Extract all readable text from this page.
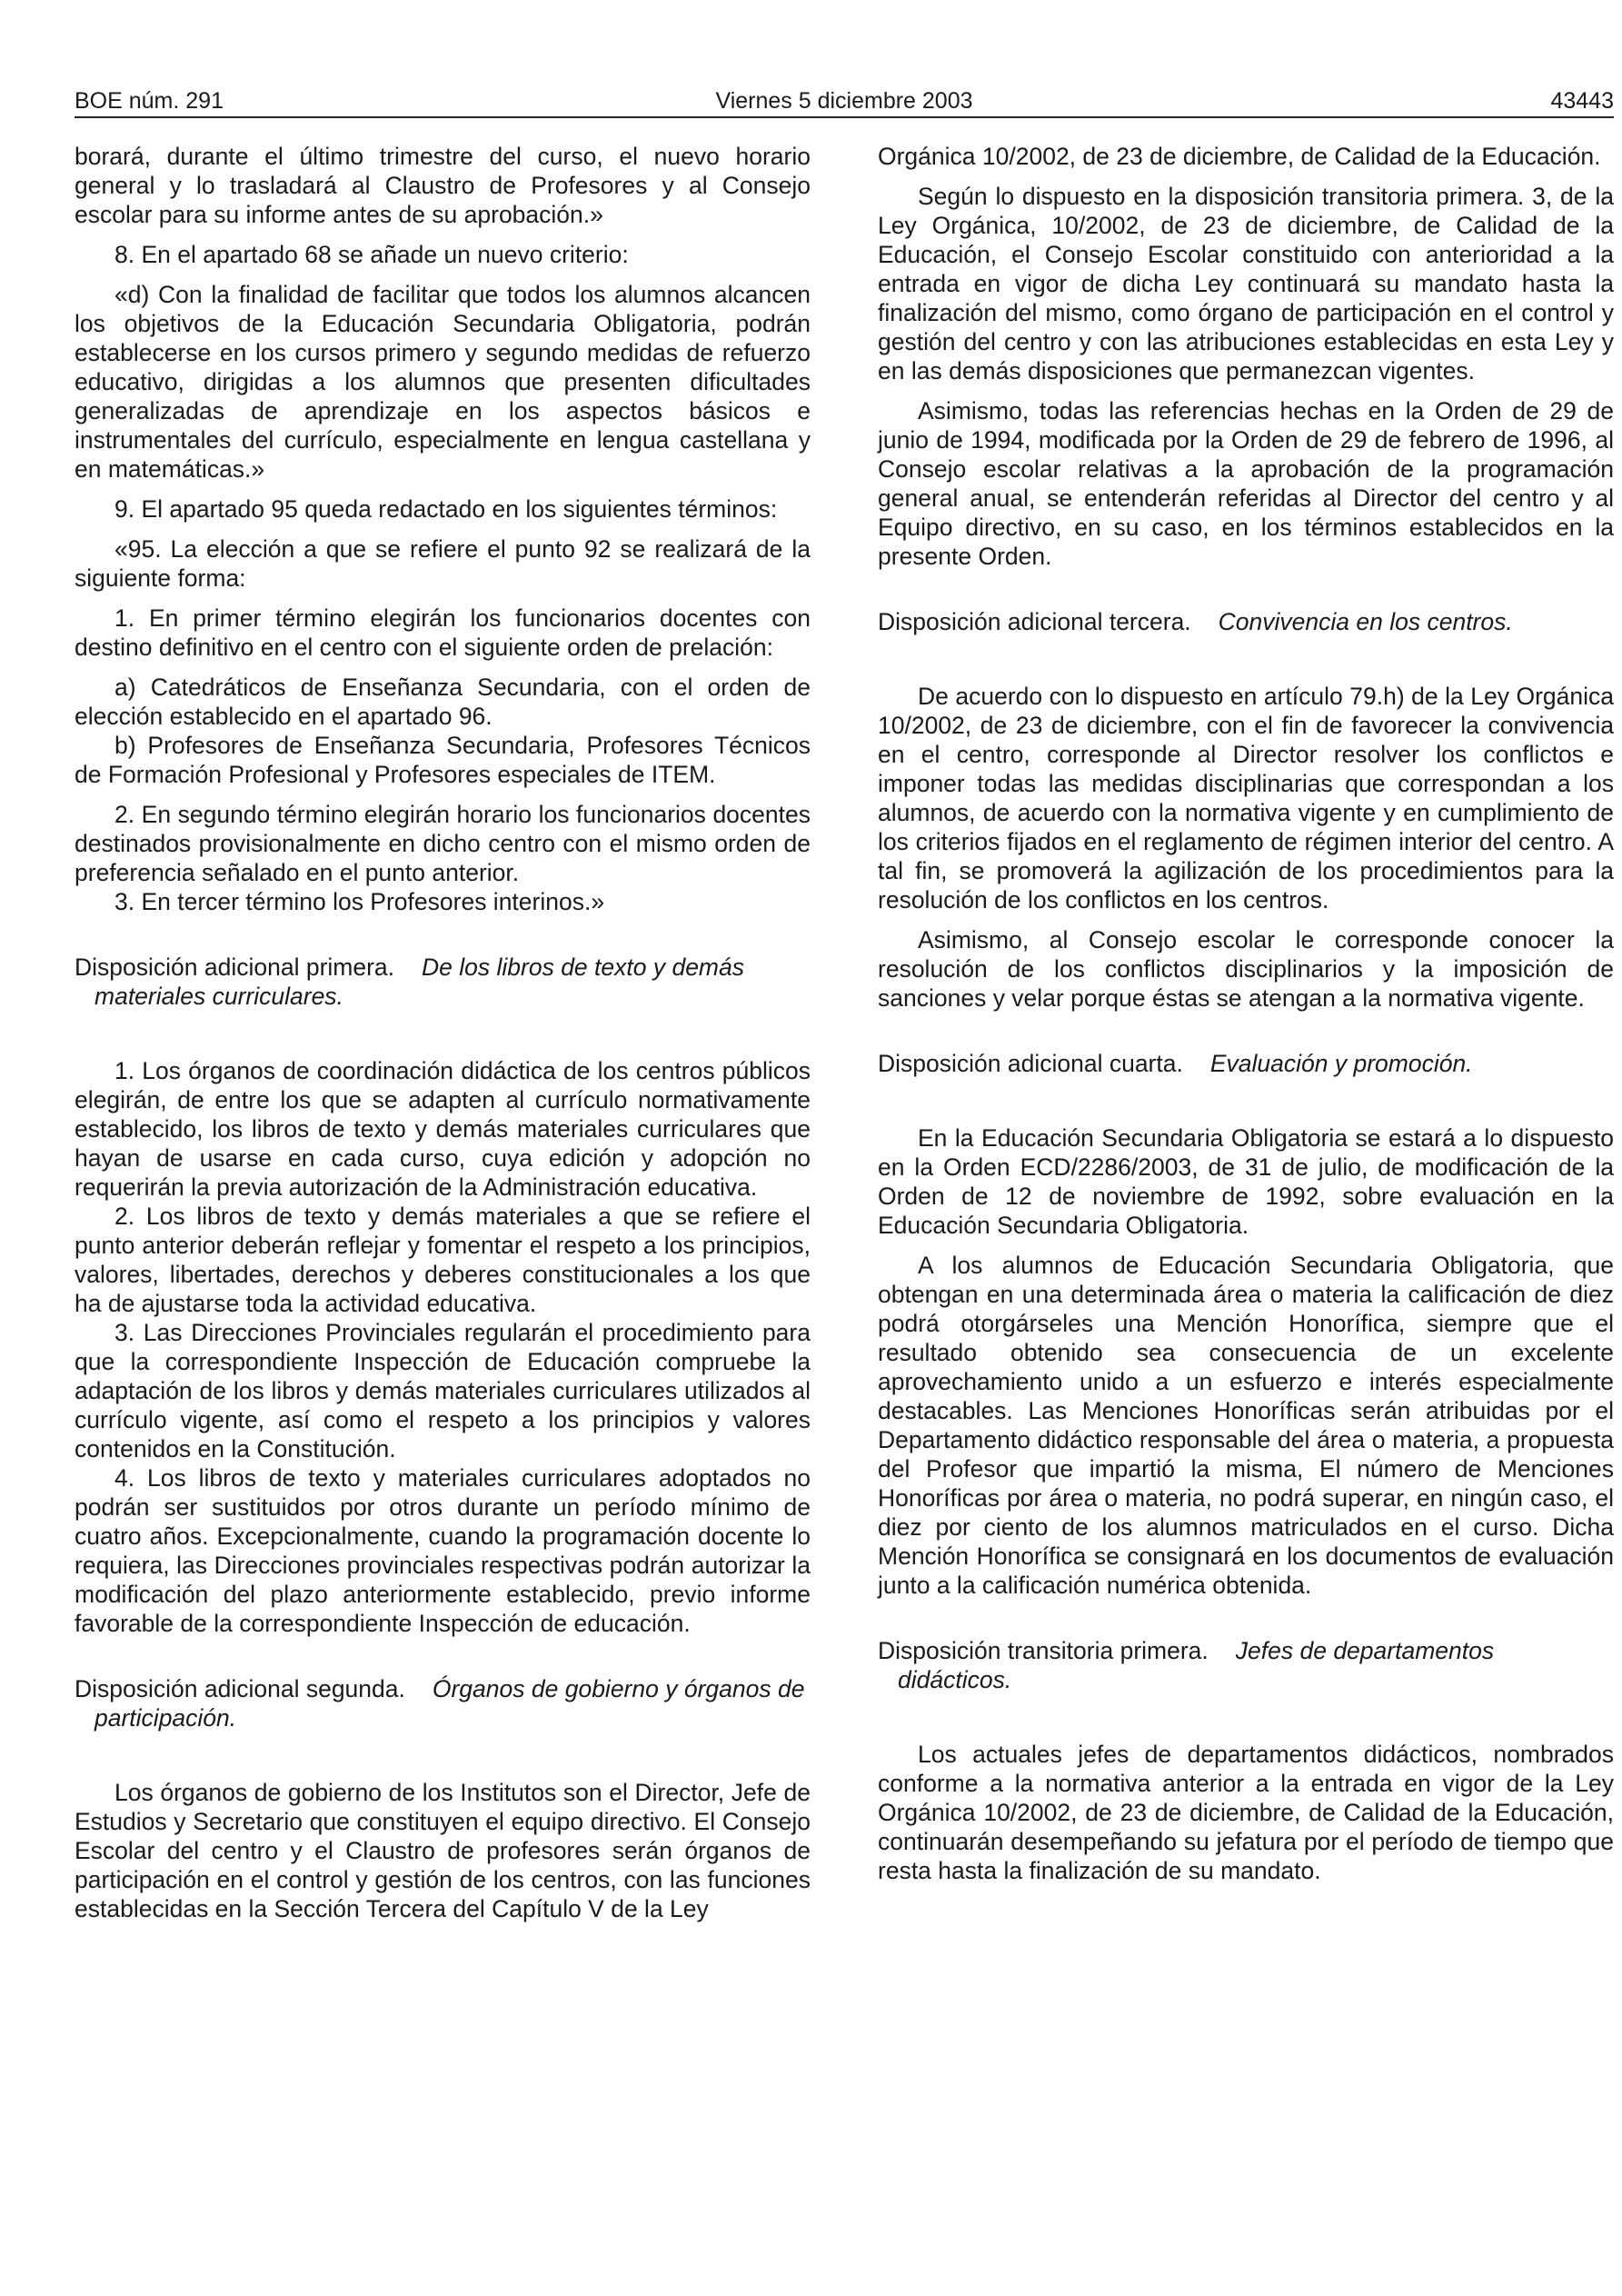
BOE núm. 291	Viernes 5 diciembre 2003	43443

borará, durante el último trimestre del curso, el nuevo horario general y lo trasladará al Claustro de Profesores y al Consejo escolar para su informe antes de su aprobación.»

8. En el apartado 68 se añade un nuevo criterio:

«d) Con la finalidad de facilitar que todos los alumnos alcancen los objetivos de la Educación Secundaria Obligatoria, podrán establecerse en los cursos primero y segundo medidas de refuerzo educativo, dirigidas a los alumnos que presenten dificultades generalizadas de aprendizaje en los aspectos básicos e instrumentales del currículo, especialmente en lengua castellana y en matemáticas.»

9. El apartado 95 queda redactado en los siguientes términos:

«95. La elección a que se refiere el punto 92 se realizará de la siguiente forma:

1. En primer término elegirán los funcionarios docentes con destino definitivo en el centro con el siguiente orden de prelación:

a) Catedráticos de Enseñanza Secundaria, con el orden de elección establecido en el apartado 96.

b) Profesores de Enseñanza Secundaria, Profesores Técnicos de Formación Profesional y Profesores especiales de ITEM.

2. En segundo término elegirán horario los funcionarios docentes destinados provisionalmente en dicho centro con el mismo orden de preferencia señalado en el punto anterior.

3. En tercer término los Profesores interinos.»

Disposición adicional primera. De los libros de texto y demás materiales curriculares.

1. Los órganos de coordinación didáctica de los centros públicos elegirán, de entre los que se adapten al currículo normativamente establecido, los libros de texto y demás materiales curriculares que hayan de usarse en cada curso, cuya edición y adopción no requerirán la previa autorización de la Administración educativa.

2. Los libros de texto y demás materiales a que se refiere el punto anterior deberán reflejar y fomentar el respeto a los principios, valores, libertades, derechos y deberes constitucionales a los que ha de ajustarse toda la actividad educativa.

3. Las Direcciones Provinciales regularán el procedimiento para que la correspondiente Inspección de Educación compruebe la adaptación de los libros y demás materiales curriculares utilizados al currículo vigente, así como el respeto a los principios y valores contenidos en la Constitución.

4. Los libros de texto y materiales curriculares adoptados no podrán ser sustituidos por otros durante un período mínimo de cuatro años. Excepcionalmente, cuando la programación docente lo requiera, las Direcciones provinciales respectivas podrán autorizar la modificación del plazo anteriormente establecido, previo informe favorable de la correspondiente Inspección de educación.

Disposición adicional segunda. Órganos de gobierno y órganos de participación.

Los órganos de gobierno de los Institutos son el Director, Jefe de Estudios y Secretario que constituyen el equipo directivo. El Consejo Escolar del centro y el Claustro de profesores serán órganos de participación en el control y gestión de los centros, con las funciones establecidas en la Sección Tercera del Capítulo V de la Ley

Orgánica 10/2002, de 23 de diciembre, de Calidad de la Educación.

Según lo dispuesto en la disposición transitoria primera. 3, de la Ley Orgánica, 10/2002, de 23 de diciembre, de Calidad de la Educación, el Consejo Escolar constituido con anterioridad a la entrada en vigor de dicha Ley continuará su mandato hasta la finalización del mismo, como órgano de participación en el control y gestión del centro y con las atribuciones establecidas en esta Ley y en las demás disposiciones que permanezcan vigentes.

Asimismo, todas las referencias hechas en la Orden de 29 de junio de 1994, modificada por la Orden de 29 de febrero de 1996, al Consejo escolar relativas a la aprobación de la programación general anual, se entenderán referidas al Director del centro y al Equipo directivo, en su caso, en los términos establecidos en la presente Orden.

Disposición adicional tercera. Convivencia en los centros.

De acuerdo con lo dispuesto en artículo 79.h) de la Ley Orgánica 10/2002, de 23 de diciembre, con el fin de favorecer la convivencia en el centro, corresponde al Director resolver los conflictos e imponer todas las medidas disciplinarias que correspondan a los alumnos, de acuerdo con la normativa vigente y en cumplimiento de los criterios fijados en el reglamento de régimen interior del centro. A tal fin, se promoverá la agilización de los procedimientos para la resolución de los conflictos en los centros.

Asimismo, al Consejo escolar le corresponde conocer la resolución de los conflictos disciplinarios y la imposición de sanciones y velar porque éstas se atengan a la normativa vigente.

Disposición adicional cuarta. Evaluación y promoción.

En la Educación Secundaria Obligatoria se estará a lo dispuesto en la Orden ECD/2286/2003, de 31 de julio, de modificación de la Orden de 12 de noviembre de 1992, sobre evaluación en la Educación Secundaria Obligatoria.

A los alumnos de Educación Secundaria Obligatoria, que obtengan en una determinada área o materia la calificación de diez podrá otorgárseles una Mención Honorífica, siempre que el resultado obtenido sea consecuencia de un excelente aprovechamiento unido a un esfuerzo e interés especialmente destacables. Las Menciones Honoríficas serán atribuidas por el Departamento didáctico responsable del área o materia, a propuesta del Profesor que impartió la misma, El número de Menciones Honoríficas por área o materia, no podrá superar, en ningún caso, el diez por ciento de los alumnos matriculados en el curso. Dicha Mención Honorífica se consignará en los documentos de evaluación junto a la calificación numérica obtenida.

Disposición transitoria primera. Jefes de departamentos didácticos.

Los actuales jefes de departamentos didácticos, nombrados conforme a la normativa anterior a la entrada en vigor de la Ley Orgánica 10/2002, de 23 de diciembre, de Calidad de la Educación, continuarán desempeñando su jefatura por el período de tiempo que resta hasta la finalización de su mandato.
